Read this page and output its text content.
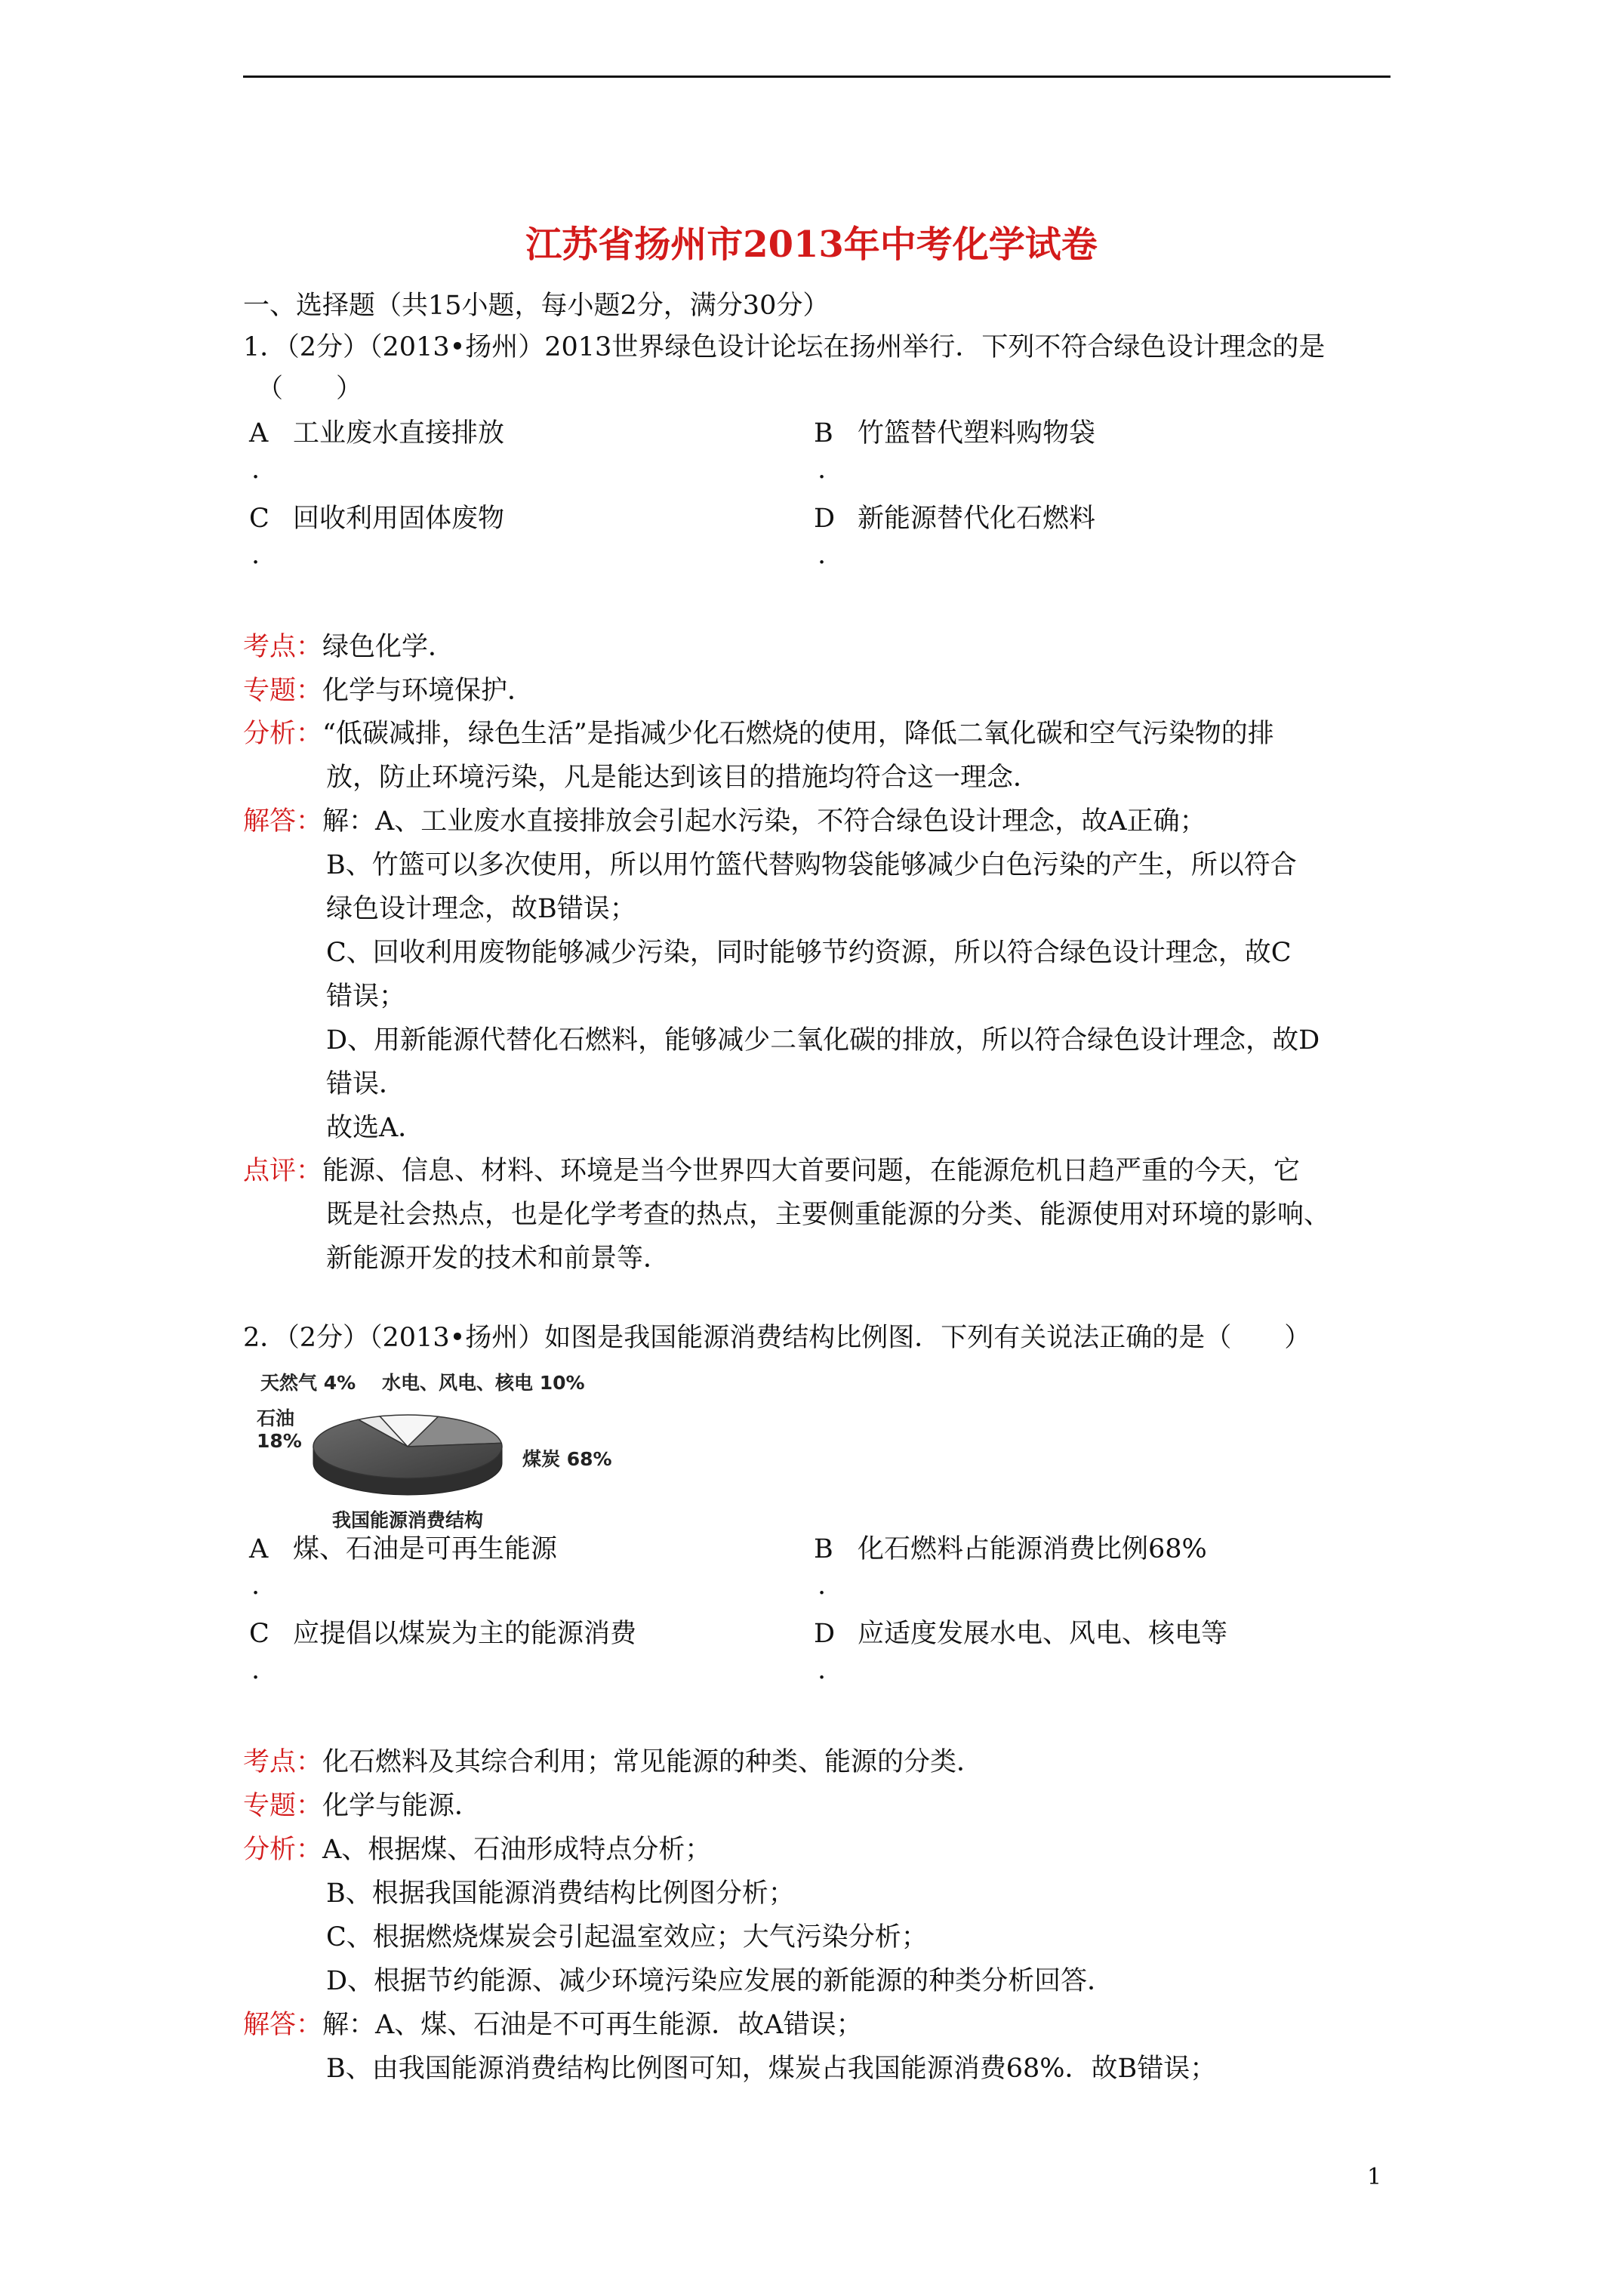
江苏省扬州市2013年中考化学试卷
一、选择题（共15小题，每小题2分，满分30分）
1．（2分）（2013•扬州）2013世界绿色设计论坛在扬州举行．下列不符合绿色设计理念的是
（　　）
A 工业废水直接排放	B 竹篮替代塑料购物袋
C 回收利用固体废物	D 新能源替代化石燃料
.	.
.	.
考点：绿色化学．
专题：化学与环境保护．
分析：“低碳减排，绿色生活”是指减少化石燃烧的使用，降低二氧化碳和空气污染物的排
放，防止环境污染，凡是能达到该目的措施均符合这一理念．
解答：解：A、工业废水直接排放会引起水污染，不符合绿色设计理念，故A正确；
B、竹篮可以多次使用，所以用竹篮代替购物袋能够减少白色污染的产生，所以符合
绿色设计理念，故B错误；
C、回收利用废物能够减少污染，同时能够节约资源，所以符合绿色设计理念，故C
错误；
D、用新能源代替化石燃料，能够减少二氧化碳的排放，所以符合绿色设计理念，故D
错误．
故选A．
点评：能源、信息、材料、环境是当今世界四大首要问题，在能源危机日趋严重的今天，它
既是社会热点，也是化学考查的热点，主要侧重能源的分类、能源使用对环境的影响、
新能源开发的技术和前景等．
2．（2分）（2013•扬州）如图是我国能源消费结构比例图．下列有关说法正确的是（　　）
天然气 4% 水电、风电、核电 10%
石油 18%
煤炭 68%
我国能源消费结构
A 煤、石油是可再生能源	B 化石燃料占能源消费比例68%
C 应提倡以煤炭为主的能源消费	D 应适度发展水电、风电、核电等
.	.
.	.
考点：化石燃料及其综合利用；常见能源的种类、能源的分类．
专题：化学与能源．
分析：A、根据煤、石油形成特点分析；
B、根据我国能源消费结构比例图分析；
C、根据燃烧煤炭会引起温室效应；大气污染分析；
D、根据节约能源、减少环境污染应发展的新能源的种类分析回答．
解答：解：A、煤、石油是不可再生能源．故A错误；
B、由我国能源消费结构比例图可知，煤炭占我国能源消费68%．故B错误；
1
